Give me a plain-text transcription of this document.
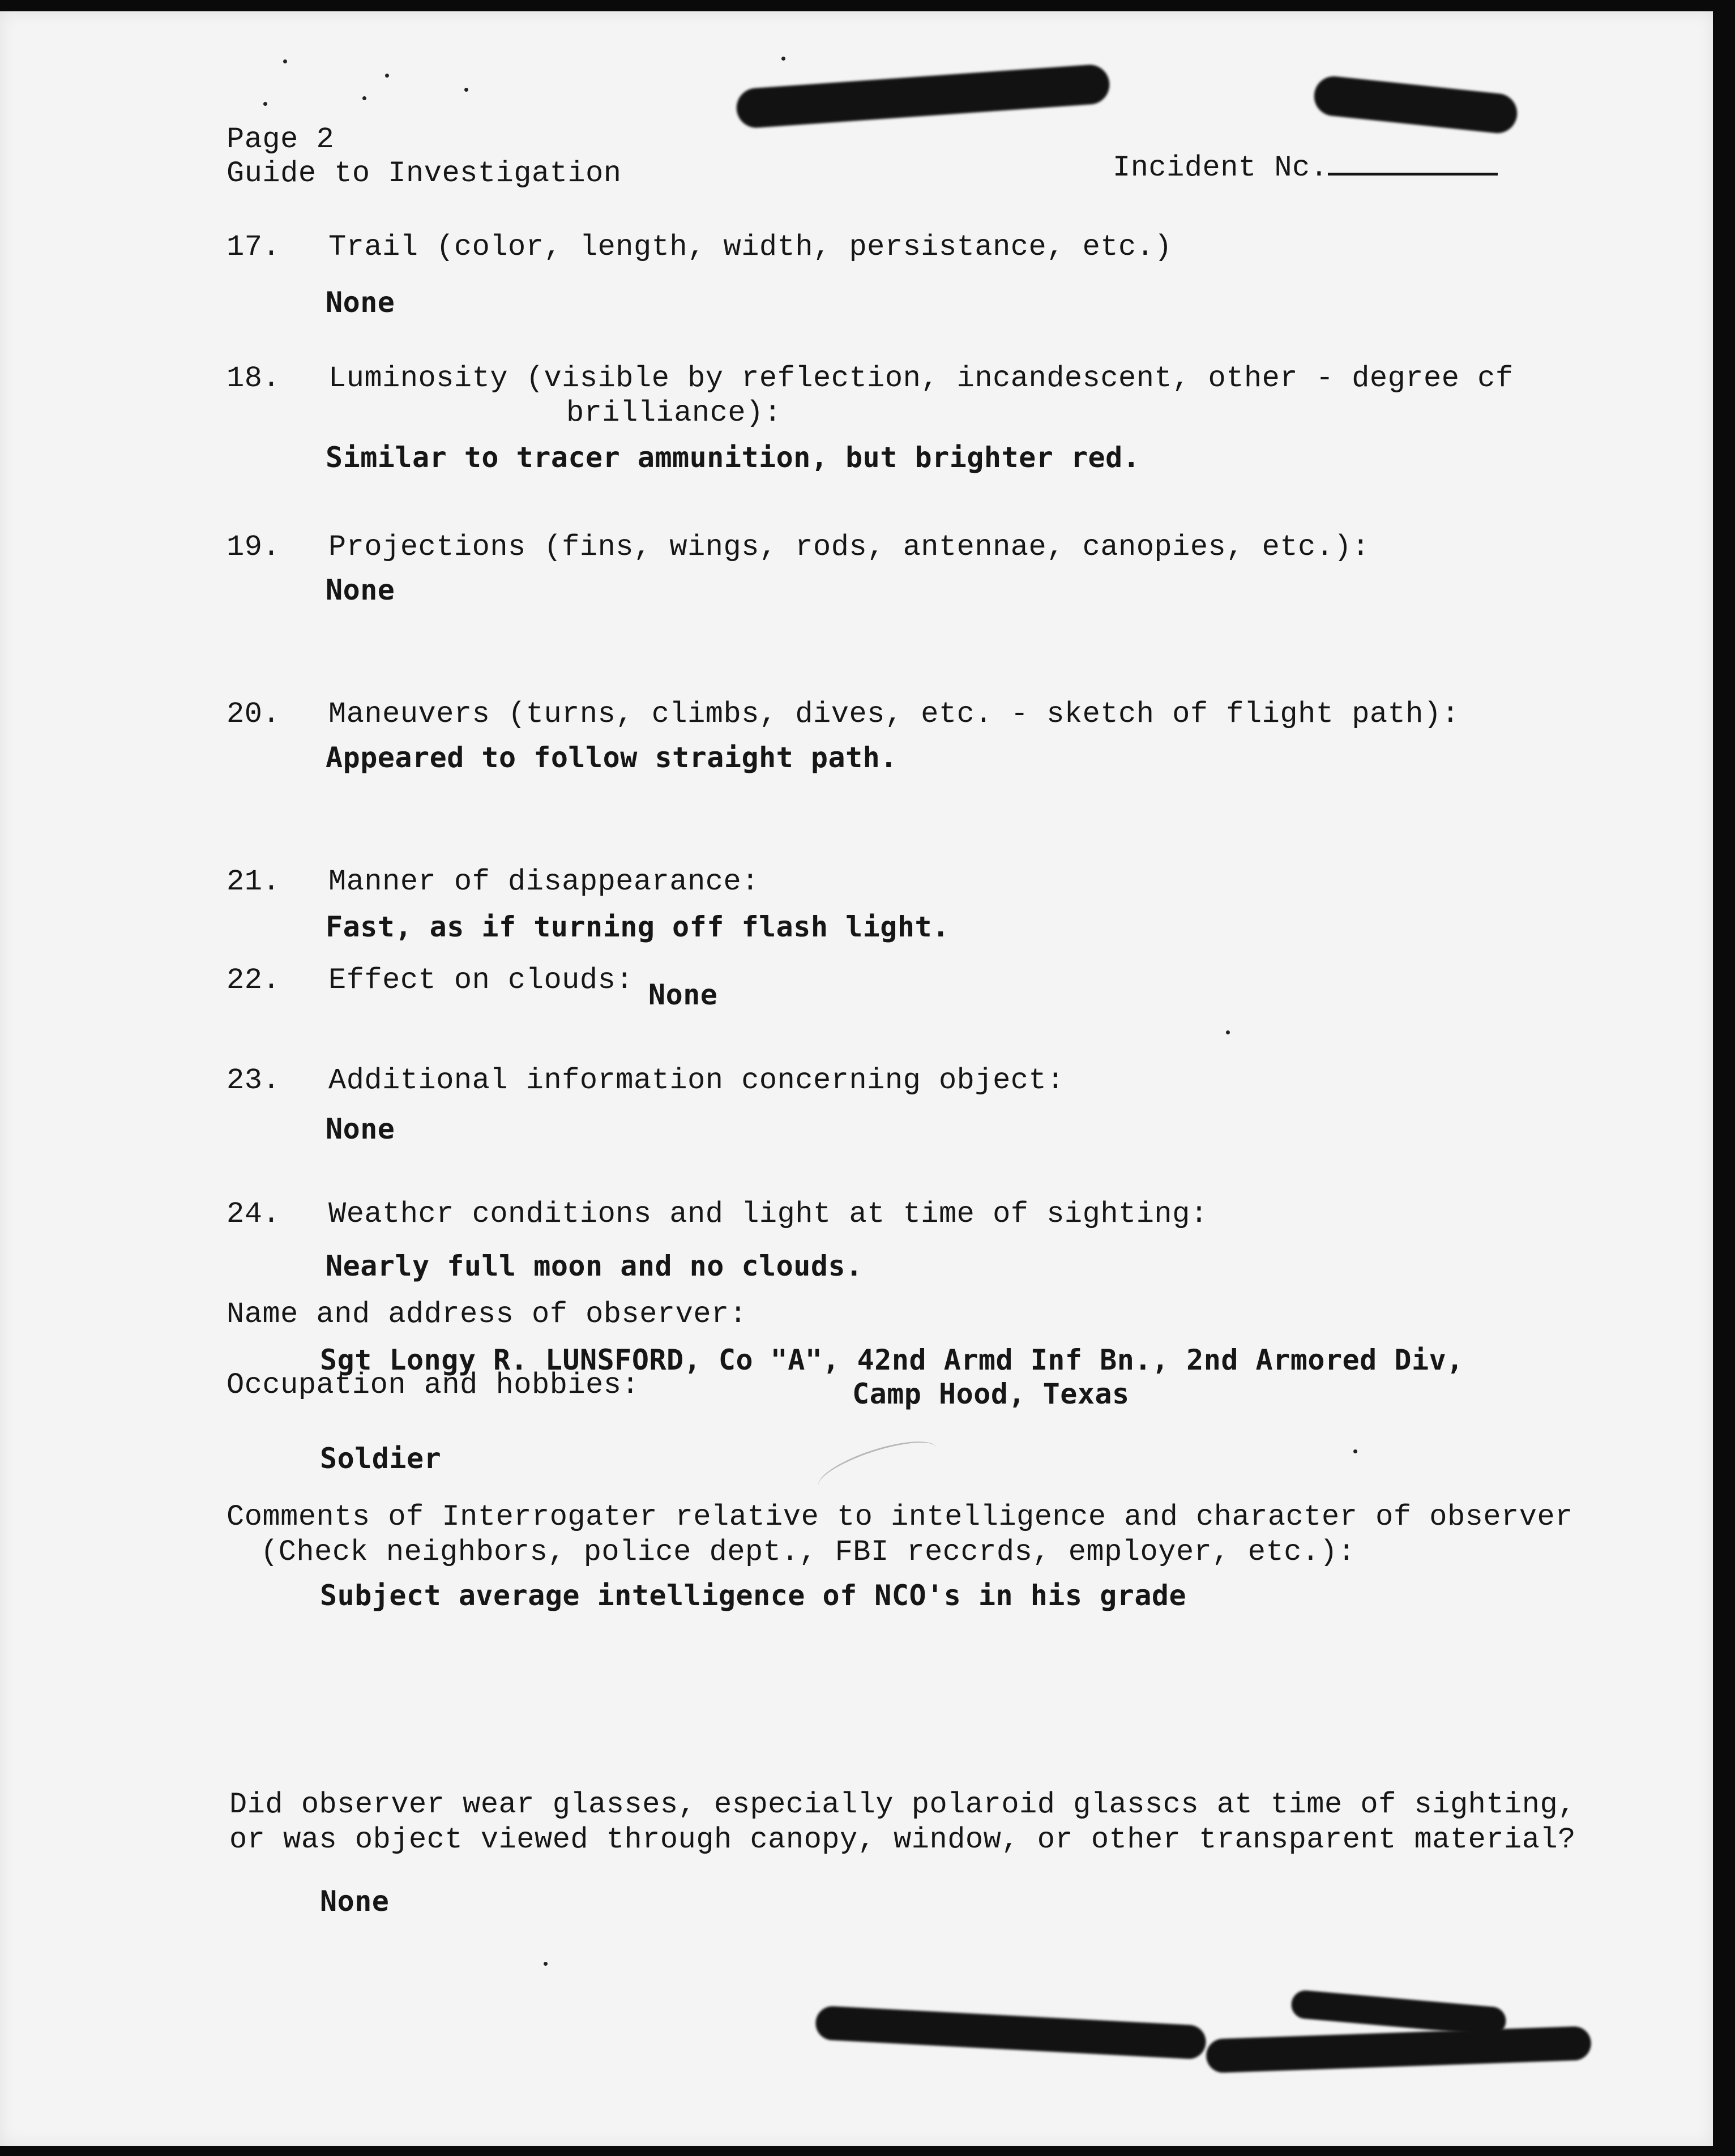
Page 2
Guide to Investigation	Incident Nc.
17. Trail (color, length, width, persistance, etc.)
None
18. Luminosity (visible by reflection, incandescent, other - degree cf
brilliance):
Similar to tracer ammunition, but brighter red.
19. Projections (fins, wings, rods, antennae, canopies, etc.):
None
20. Maneuvers (turns, climbs, dives, etc. - sketch of flight path):
Appeared to follow straight path.
21. Manner of disappearance:
Fast, as if turning off flash light.
22. Effect on clouds: None
23. Additional information concerning object:
None
24. Weathcr conditions and light at time of sighting:
Nearly full moon and no clouds.
Name and address of observer:
Sgt Longy R. LUNSFORD, Co "A", 42nd Armd Inf Bn., 2nd Armored Div,
Occupation and hobbies:	Camp Hood, Texas
Soldier
Comments of Interrogater relative to intelligence and character of observer
(Check neighbors, police dept., FBI reccrds, employer, etc.):
Subject average intelligence of NCO's in his grade
Did observer wear glasses, especially polaroid glasscs at time of sighting,
or was object viewed through canopy, window, or other transparent material?
None
